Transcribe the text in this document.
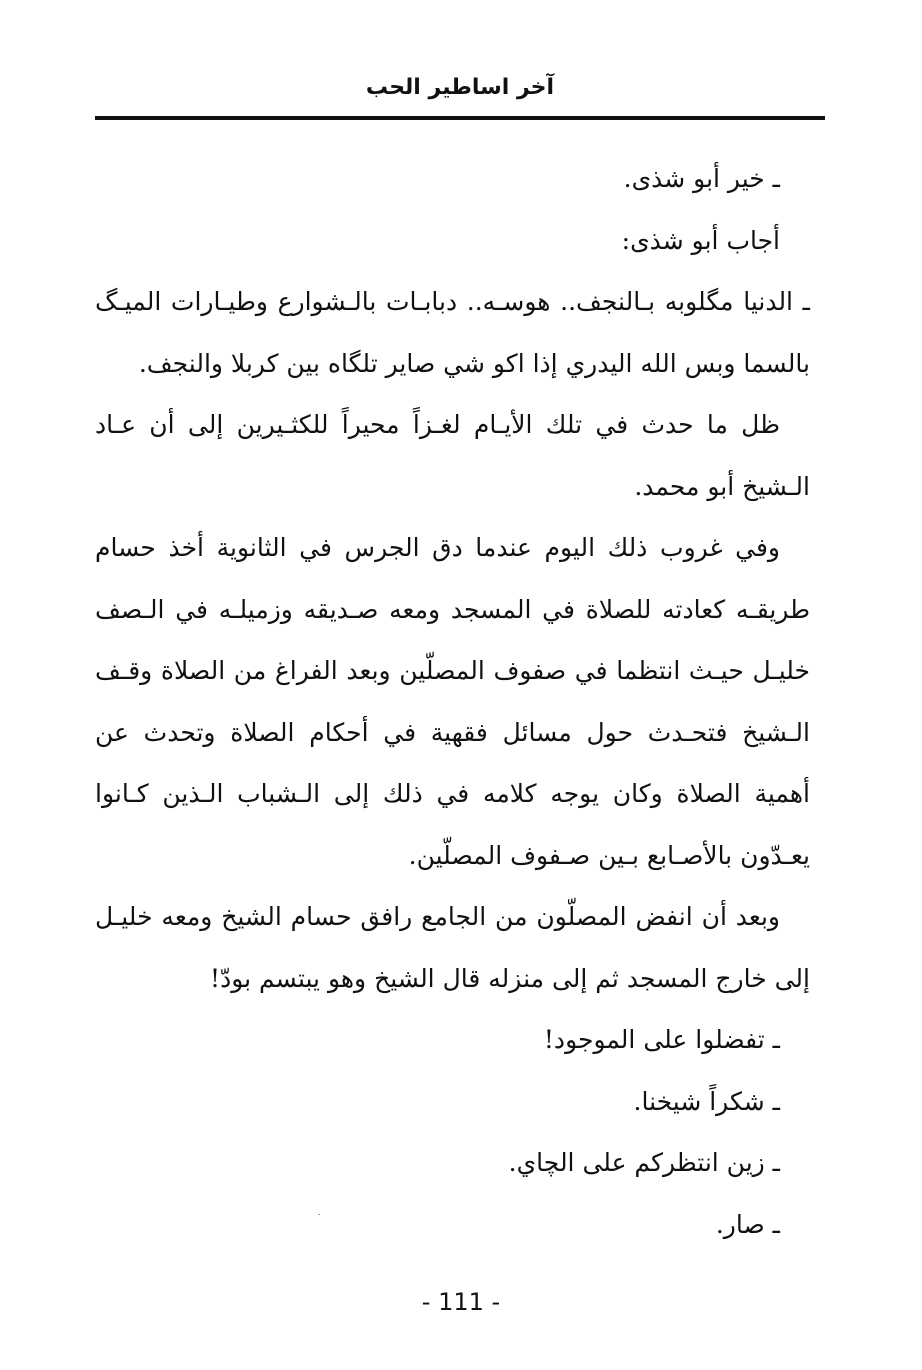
آخر اساطير الحب

ـ خير أبو شذى.

أجاب أبو شذى:

ـ الدنيا مگلوبه بـالنجف.. هوسـه.. دبابـات بالـشوارع وطيـارات الميـگ بالسما وبس الله اليدري إذا اكو شي صاير تلگاه بين كربلا والنجف.

ظل ما حدث في تلك الأيـام لغـزاً محيراً للكثـيرين إلى أن عـاد الـشيخ أبو محمد.

وفي غروب ذلك اليوم عندما دق الجرس في الثانوية أخذ حسام طريقـه كعادته للصلاة في المسجد ومعه صـديقه وزميلـه في الـصف خليـل حيـث انتظما في صفوف المصلّين وبعد الفراغ من الصلاة وقـف الـشيخ فتحـدث حول مسائل فقهية في أحكام الصلاة وتحدث عن أهمية الصلاة وكان يوجه كلامه في ذلك إلى الـشباب الـذين كـانوا يعـدّون بالأصـابع بـين صـفوف المصلّين.

وبعد أن انفض المصلّون من الجامع رافق حسام الشيخ ومعه خليـل إلى خارج المسجد ثم إلى منزله قال الشيخ وهو يبتسم بودّ!

ـ تفضلوا على الموجود!

ـ شكراً شيخنا.

ـ زين انتظركم على الچاي.

ـ صار.

- 111 -
